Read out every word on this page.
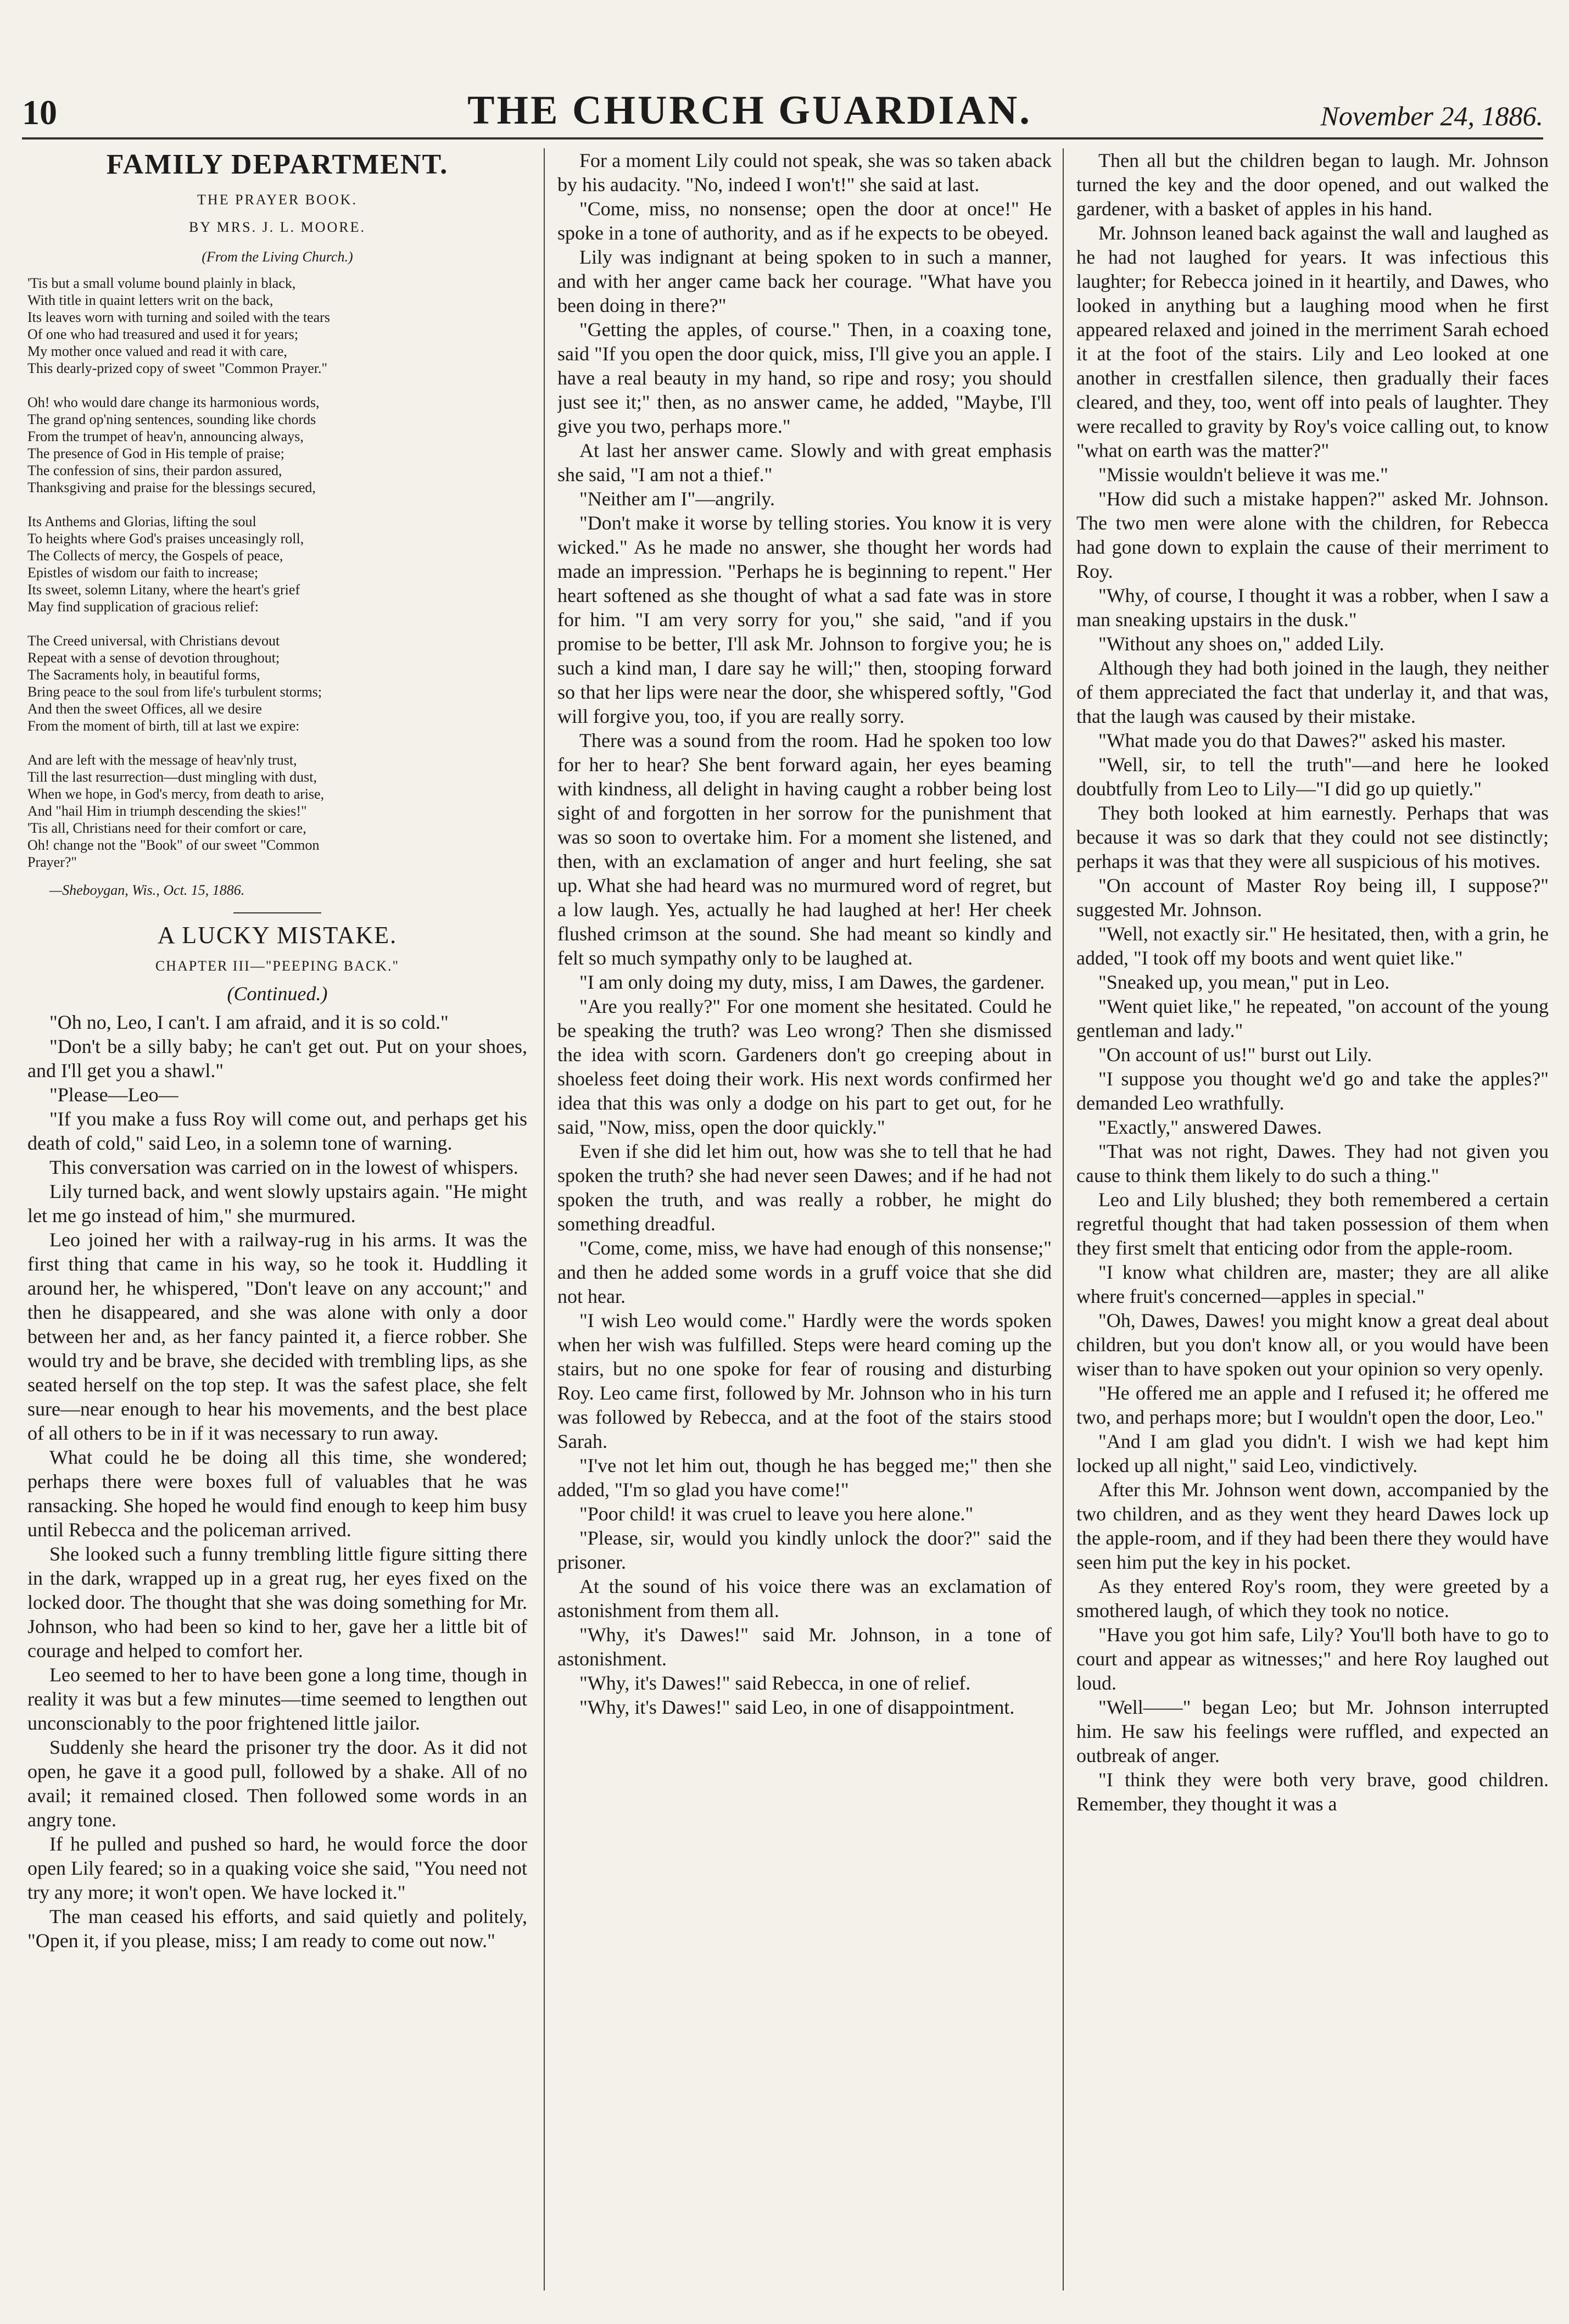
10	THE CHURCH GUARDIAN.	November 24, 1886.
FAMILY DEPARTMENT.
THE PRAYER BOOK.
BY MRS. J. L. MOORE.
(From the Living Church.)
'Tis but a small volume bound plainly in black,
With title in quaint letters writ on the back,
Its leaves worn with turning and soiled with the tears
Of one who had treasured and used it for years;
My mother once valued and read it with care,
This dearly-prized copy of sweet "Common Prayer."

Oh! who would dare change its harmonious words,
The grand op'ning sentences, sounding like chords
From the trumpet of heav'n, announcing always,
The presence of God in His temple of praise;
The confession of sins, their pardon assured,
Thanksgiving and praise for the blessings secured,

Its Anthems and Glorias, lifting the soul
To heights where God's praises unceasingly roll,
The Collects of mercy, the Gospels of peace,
Epistles of wisdom our faith to increase;
Its sweet, solemn Litany, where the heart's grief
May find supplication of gracious relief:

The Creed universal, with Christians devout
Repeat with a sense of devotion throughout;
The Sacraments holy, in beautiful forms,
Bring peace to the soul from life's turbulent storms;
And then the sweet Offices, all we desire
From the moment of birth, till at last we expire:

And are left with the message of heav'nly trust,
Till the last resurrection—dust mingling with dust,
When we hope, in God's mercy, from death to arise,
And "hail Him in triumph descending the skies!"
'Tis all, Christians need for their comfort or care,
Oh! change not the "Book" of our sweet "Common
Prayer?"
—Sheboygan, Wis., Oct. 15, 1886.
A LUCKY MISTAKE.
CHAPTER III—"PEEPING BACK."
(Continued.)

"Oh no, Leo, I can't. I am afraid, and it is so cold."

"Don't be a silly baby; he can't get out. Put on your shoes, and I'll get you a shawl."

"Please—Leo—

"If you make a fuss Roy will come out, and perhaps get his death of cold," said Leo, in a solemn tone of warning.

This conversation was carried on in the lowest of whispers.

Lily turned back, and went slowly upstairs again. "He might let me go instead of him," she murmured.

Leo joined her with a railway-rug in his arms. It was the first thing that came in his way, so he took it. Huddling it around her, he whispered, "Don't leave on any account;" and then he disappeared, and she was alone with only a door between her and, as her fancy painted it, a fierce robber. She would try and be brave, she decided with trembling lips, as she seated herself on the top step. It was the safest place, she felt sure—near enough to hear his movements, and the best place of all others to be in if it was necessary to run away.

What could he be doing all this time, she wondered; perhaps there were boxes full of valuables that he was ransacking. She hoped he would find enough to keep him busy until Rebecca and the policeman arrived.

She looked such a funny trembling little figure sitting there in the dark, wrapped up in a great rug, her eyes fixed on the locked door. The thought that she was doing something for Mr. Johnson, who had been so kind to her, gave her a little bit of courage and helped to comfort her.

Leo seemed to her to have been gone a long time, though in reality it was but a few minutes—time seemed to lengthen out unconscionably to the poor frightened little jailor.

Suddenly she heard the prisoner try the door. As it did not open, he gave it a good pull, followed by a shake. All of no avail; it remained closed. Then followed some words in an angry tone.

If he pulled and pushed so hard, he would force the door open Lily feared; so in a quaking voice she said, "You need not try any more; it won't open. We have locked it."

The man ceased his efforts, and said quietly and politely, "Open it, if you please, miss; I am ready to come out now."

For a moment Lily could not speak, she was so taken aback by his audacity. "No, indeed I won't!" she said at last.

"Come, miss, no nonsense; open the door at once!" He spoke in a tone of authority, and as if he expects to be obeyed.

Lily was indignant at being spoken to in such a manner, and with her anger came back her courage. "What have you been doing in there?"

"Getting the apples, of course." Then, in a coaxing tone, said "If you open the door quick, miss, I'll give you an apple. I have a real beauty in my hand, so ripe and rosy; you should just see it;" then, as no answer came, he added, "Maybe, I'll give you two, perhaps more."

At last her answer came. Slowly and with great emphasis she said, "I am not a thief."

"Neither am I"—angrily.

"Don't make it worse by telling stories. You know it is very wicked." As he made no answer, she thought her words had made an impression. "Perhaps he is beginning to repent." Her heart softened as she thought of what a sad fate was in store for him. "I am very sorry for you," she said, "and if you promise to be better, I'll ask Mr. Johnson to forgive you; he is such a kind man, I dare say he will;" then, stooping forward so that her lips were near the door, she whispered softly, "God will forgive you, too, if you are really sorry.

There was a sound from the room. Had he spoken too low for her to hear? She bent forward again, her eyes beaming with kindness, all delight in having caught a robber being lost sight of and forgotten in her sorrow for the punishment that was so soon to overtake him. For a moment she listened, and then, with an exclamation of anger and hurt feeling, she sat up. What she had heard was no murmured word of regret, but a low laugh. Yes, actually he had laughed at her! Her cheek flushed crimson at the sound. She had meant so kindly and felt so much sympathy only to be laughed at.

"I am only doing my duty, miss, I am Dawes, the gardener.

"Are you really?" For one moment she hesitated. Could he be speaking the truth? was Leo wrong? Then she dismissed the idea with scorn. Gardeners don't go creeping about in shoeless feet doing their work. His next words confirmed her idea that this was only a dodge on his part to get out, for he said, "Now, miss, open the door quickly."

Even if she did let him out, how was she to tell that he had spoken the truth? she had never seen Dawes; and if he had not spoken the truth, and was really a robber, he might do something dreadful.

"Come, come, miss, we have had enough of this nonsense;" and then he added some words in a gruff voice that she did not hear.

"I wish Leo would come." Hardly were the words spoken when her wish was fulfilled. Steps were heard coming up the stairs, but no one spoke for fear of rousing and disturbing Roy. Leo came first, followed by Mr. Johnson who in his turn was followed by Rebecca, and at the foot of the stairs stood Sarah.

"I've not let him out, though he has begged me;" then she added, "I'm so glad you have come!"

"Poor child! it was cruel to leave you here alone."

"Please, sir, would you kindly unlock the door?" said the prisoner.

At the sound of his voice there was an exclamation of astonishment from them all.

"Why, it's Dawes!" said Mr. Johnson, in a tone of astonishment.

"Why, it's Dawes!" said Rebecca, in one of relief.

"Why, it's Dawes!" said Leo, in one of disappointment.

Then all but the children began to laugh. Mr. Johnson turned the key and the door opened, and out walked the gardener, with a basket of apples in his hand.

Mr. Johnson leaned back against the wall and laughed as he had not laughed for years. It was infectious this laughter; for Rebecca joined in it heartily, and Dawes, who looked in anything but a laughing mood when he first appeared relaxed and joined in the merriment Sarah echoed it at the foot of the stairs. Lily and Leo looked at one another in crestfallen silence, then gradually their faces cleared, and they, too, went off into peals of laughter. They were recalled to gravity by Roy's voice calling out, to know "what on earth was the matter?"

"Missie wouldn't believe it was me."

"How did such a mistake happen?" asked Mr. Johnson. The two men were alone with the children, for Rebecca had gone down to explain the cause of their merriment to Roy.

"Why, of course, I thought it was a robber, when I saw a man sneaking upstairs in the dusk."

"Without any shoes on," added Lily.

Although they had both joined in the laugh, they neither of them appreciated the fact that underlay it, and that was, that the laugh was caused by their mistake.

"What made you do that Dawes?" asked his master.

"Well, sir, to tell the truth"—and here he looked doubtfully from Leo to Lily—"I did go up quietly."

They both looked at him earnestly. Perhaps that was because it was so dark that they could not see distinctly; perhaps it was that they were all suspicious of his motives.

"On account of Master Roy being ill, I suppose?" suggested Mr. Johnson.

"Well, not exactly sir." He hesitated, then, with a grin, he added, "I took off my boots and went quiet like."

"Sneaked up, you mean," put in Leo.

"Went quiet like," he repeated, "on account of the young gentleman and lady."

"On account of us!" burst out Lily.

"I suppose you thought we'd go and take the apples?" demanded Leo wrathfully.

"Exactly," answered Dawes.

"That was not right, Dawes. They had not given you cause to think them likely to do such a thing."

Leo and Lily blushed; they both remembered a certain regretful thought that had taken possession of them when they first smelt that enticing odor from the apple-room.

"I know what children are, master; they are all alike where fruit's concerned—apples in special."

"Oh, Dawes, Dawes! you might know a great deal about children, but you don't know all, or you would have been wiser than to have spoken out your opinion so very openly.

"He offered me an apple and I refused it; he offered me two, and perhaps more; but I wouldn't open the door, Leo."

"And I am glad you didn't. I wish we had kept him locked up all night," said Leo, vindictively.

After this Mr. Johnson went down, accompanied by the two children, and as they went they heard Dawes lock up the apple-room, and if they had been there they would have seen him put the key in his pocket.

As they entered Roy's room, they were greeted by a smothered laugh, of which they took no notice.

"Have you got him safe, Lily? You'll both have to go to court and appear as witnesses;" and here Roy laughed out loud.

"Well——" began Leo; but Mr. Johnson interrupted him. He saw his feelings were ruffled, and expected an outbreak of anger.

"I think they were both very brave, good children. Remember, they thought it was a
